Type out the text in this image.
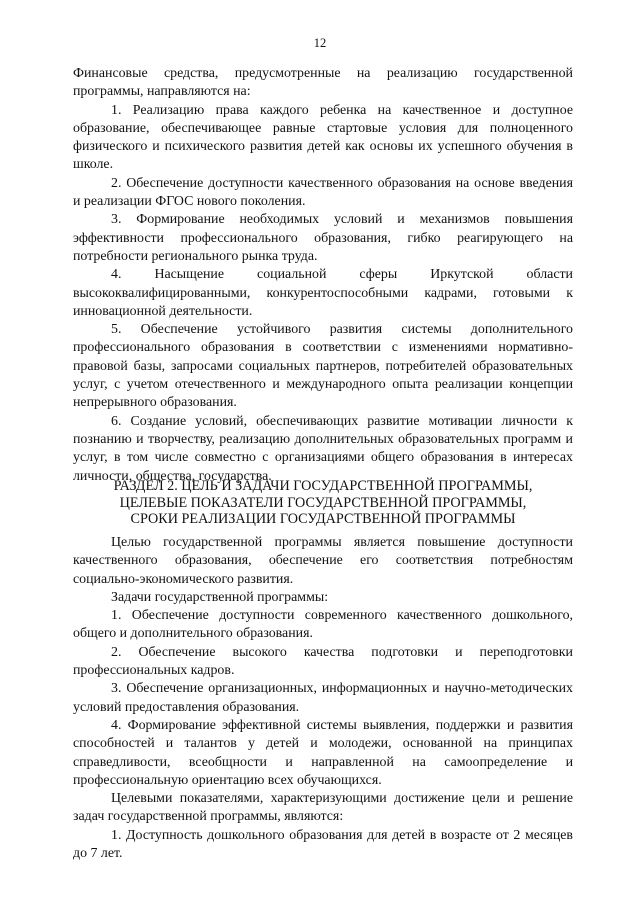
12

Финансовые средства, предусмотренные на реализацию государственной программы, направляются на:

1. Реализацию права каждого ребенка на качественное и доступное образование, обеспечивающее равные стартовые условия для полноценного физического и психического развития детей как основы их успешного обучения в школе.

2. Обеспечение доступности качественного образования на основе введения и реализации ФГОС нового поколения.

3. Формирование необходимых условий и механизмов повышения эффективности профессионального образования, гибко реагирующего на потребности регионального рынка труда.

4. Насыщение социальной сферы Иркутской области высококвалифицированными, конкурентоспособными кадрами, готовыми к инновационной деятельности.

5. Обеспечение устойчивого развития системы дополнительного профессионального образования в соответствии с изменениями нормативно-правовой базы, запросами социальных партнеров, потребителей образовательных услуг, с учетом отечественного и международного опыта реализации концепции непрерывного образования.

6. Создание условий, обеспечивающих развитие мотивации личности к познанию и творчеству, реализацию дополнительных образовательных программ и услуг, в том числе совместно с организациями общего образования в интересах личности, общества, государства.

РАЗДЕЛ 2. ЦЕЛЬ И ЗАДАЧИ ГОСУДАРСТВЕННОЙ ПРОГРАММЫ,
ЦЕЛЕВЫЕ ПОКАЗАТЕЛИ ГОСУДАРСТВЕННОЙ ПРОГРАММЫ,
СРОКИ РЕАЛИЗАЦИИ ГОСУДАРСТВЕННОЙ ПРОГРАММЫ

Целью государственной программы является повышение доступности качественного образования, обеспечение его соответствия потребностям социально-экономического развития.

Задачи государственной программы:

1. Обеспечение доступности современного качественного дошкольного, общего и дополнительного образования.

2. Обеспечение высокого качества подготовки и переподготовки профессиональных кадров.

3. Обеспечение организационных, информационных и научно-методических условий предоставления образования.

4. Формирование эффективной системы выявления, поддержки и развития способностей и талантов у детей и молодежи, основанной на принципах справедливости, всеобщности и направленной на самоопределение и профессиональную ориентацию всех обучающихся.

Целевыми показателями, характеризующими достижение цели и решение задач государственной программы, являются:

1. Доступность дошкольного образования для детей в возрасте от 2 месяцев до 7 лет.
